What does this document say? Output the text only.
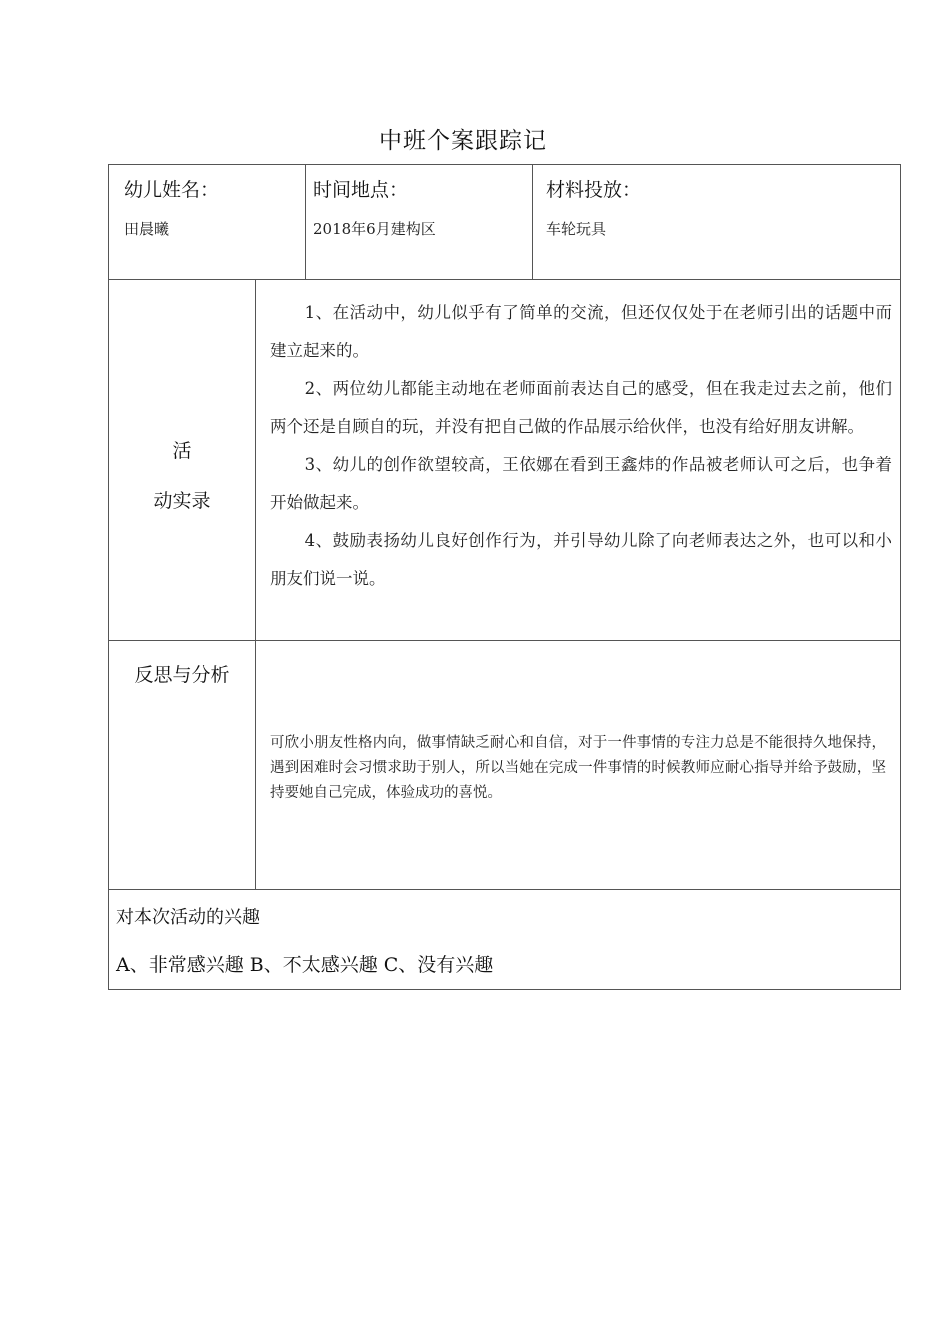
中班个案跟踪记
幼儿姓名：
田晨曦
时间地点：
2018年6月建构区
材料投放：
车轮玩具
活
动实录

1、在活动中，幼儿似乎有了简单的交流，但还仅仅处于在老师引出的话题中而建立起来的。

2、两位幼儿都能主动地在老师面前表达自己的感受，但在我走过去之前，他们两个还是自顾自的玩，并没有把自己做的作品展示给伙伴，也没有给好朋友讲解。

3、幼儿的创作欲望较高，王依娜在看到王鑫炜的作品被老师认可之后，也争着开始做起来。

4、鼓励表扬幼儿良好创作行为，并引导幼儿除了向老师表达之外，也可以和小朋友们说一说。

反思与分析
可欣小朋友性格内向，做事情缺乏耐心和自信，对于一件事情的专注力总是不能很持久地保持，遇到困难时会习惯求助于别人，所以当她在完成一件事情的时候教师应耐心指导并给予鼓励，坚持要她自己完成，体验成功的喜悦。
对本次活动的兴趣
A、非常感兴趣 B、不太感兴趣 C、没有兴趣
